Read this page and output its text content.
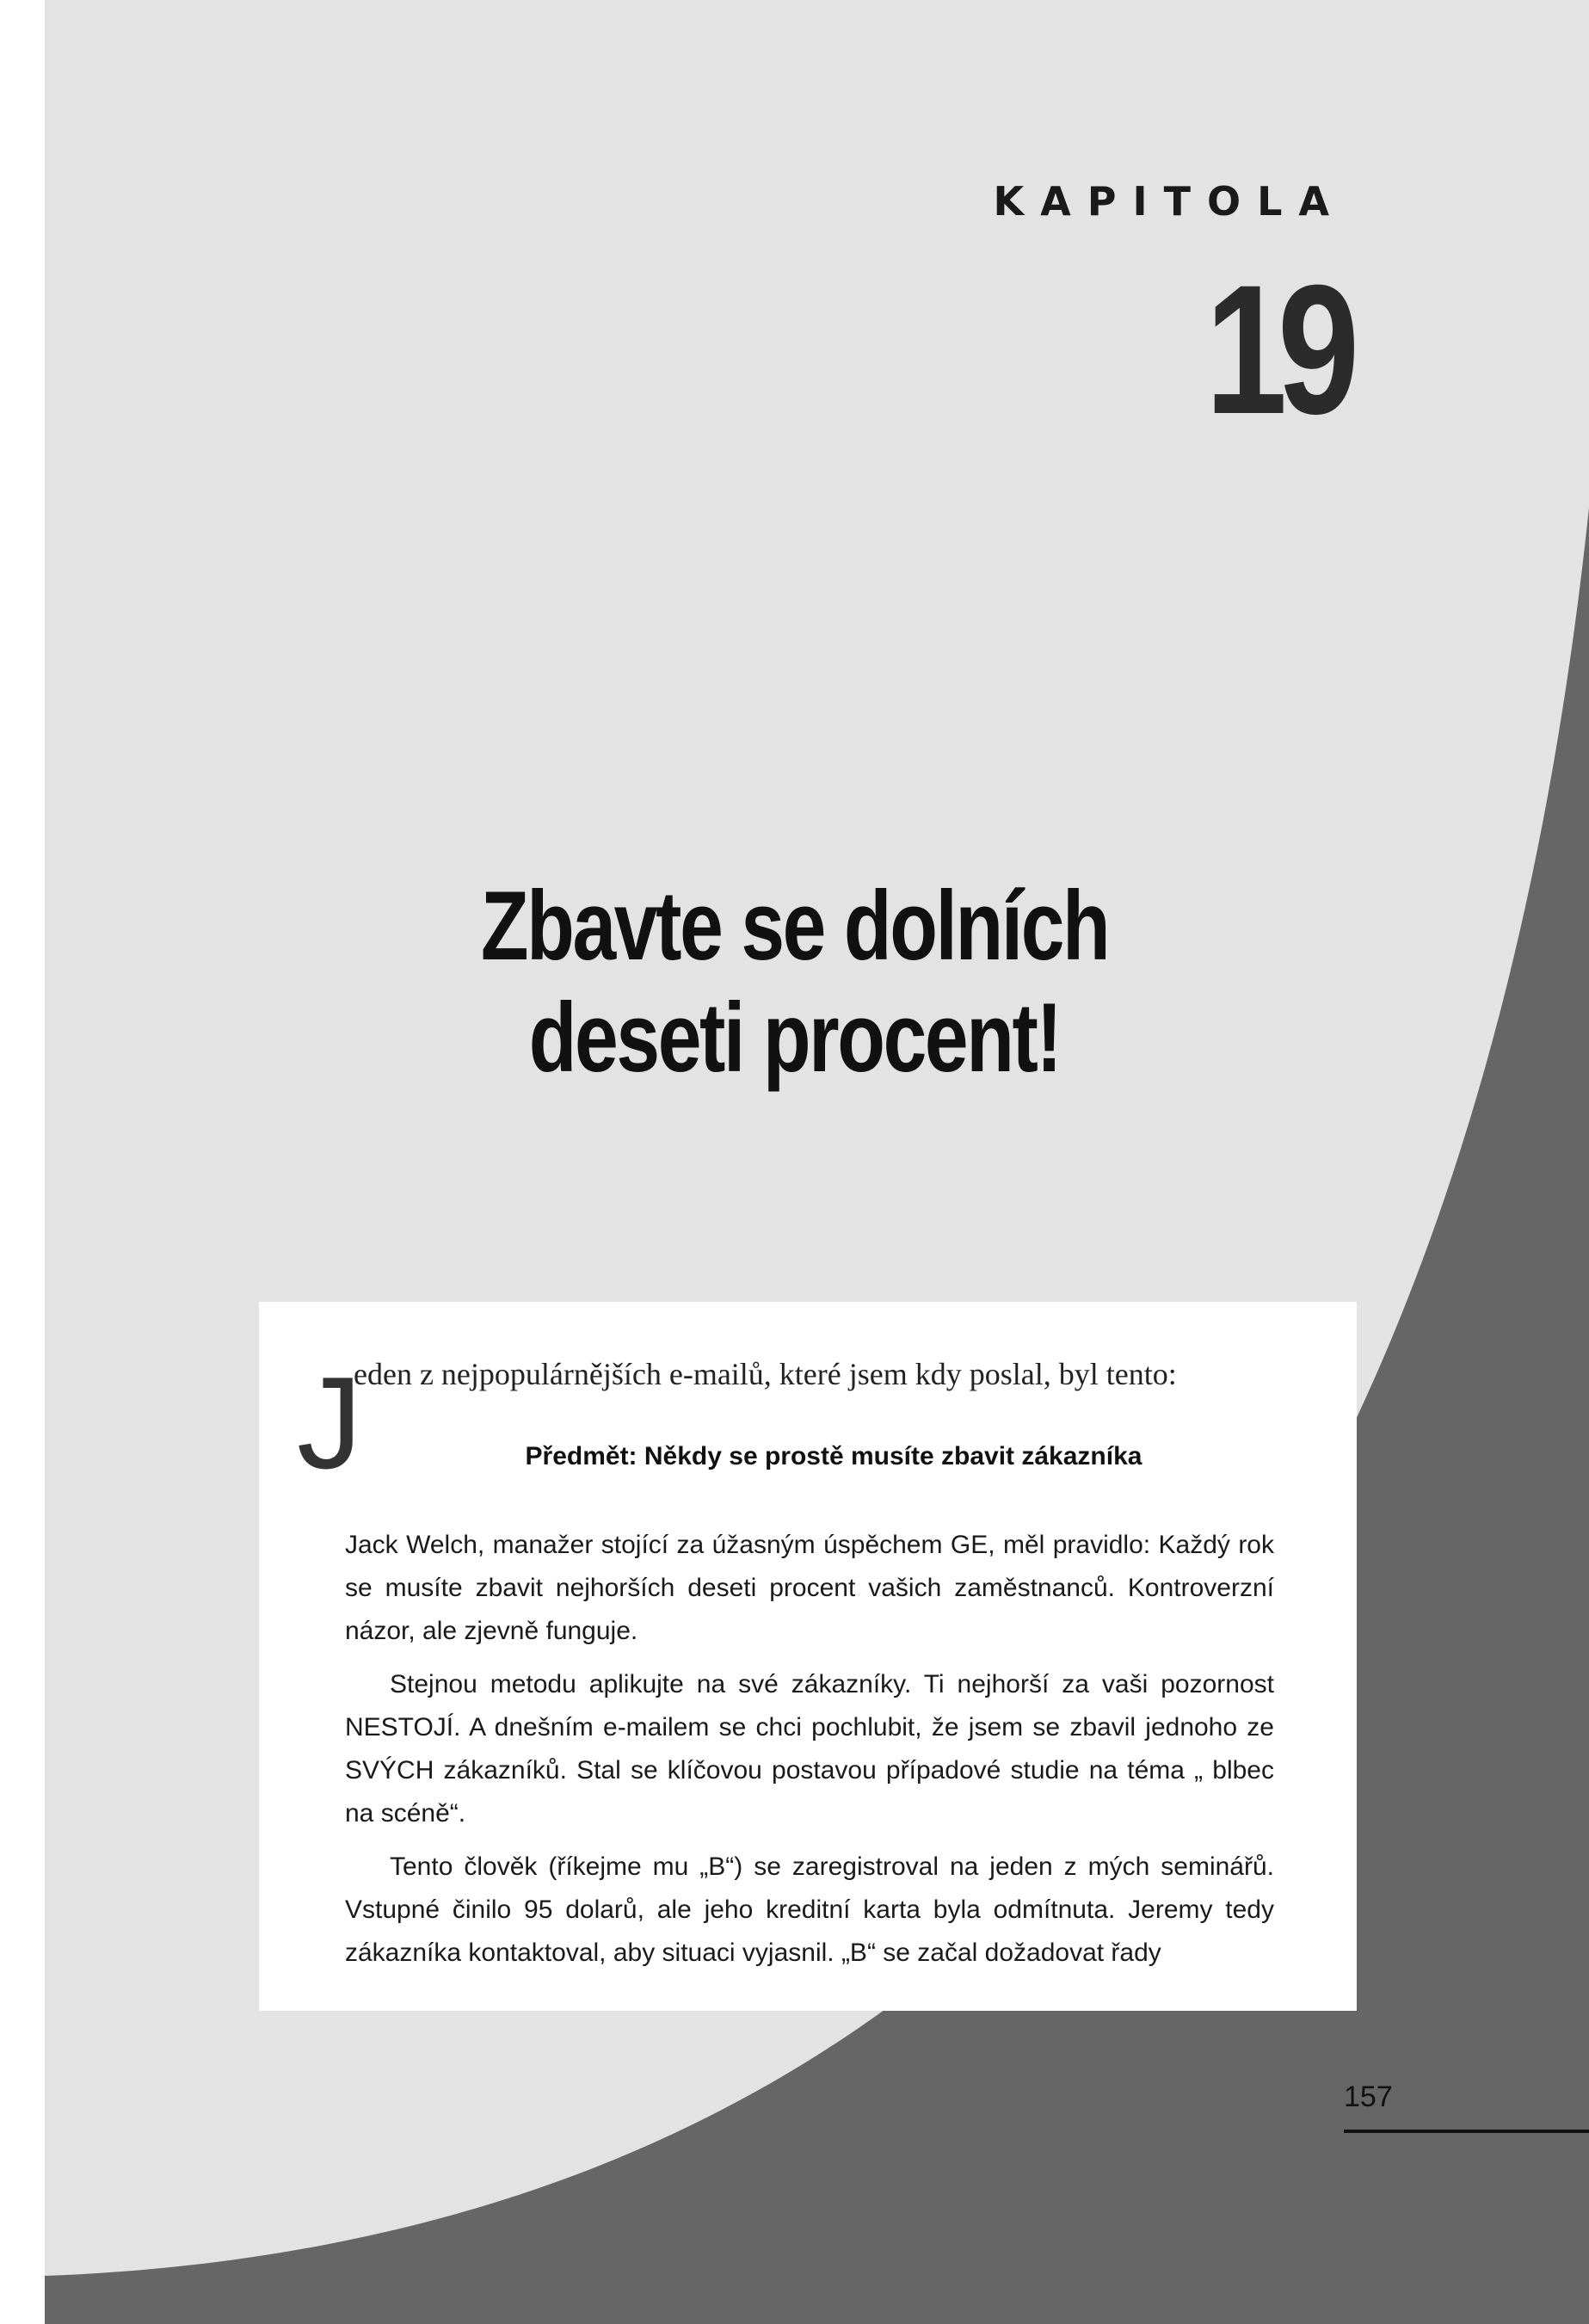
KAPITOLA
19
Zbavte se dolních
deseti procent!
J
eden z nejpopulárnějších e-mailů, které jsem kdy poslal, byl tento:
Předmět: Někdy se prostě musíte zbavit zákazníka

Jack Welch, manažer stojící za úžasným úspěchem GE, měl pravidlo: Každý rok se musíte zbavit nejhorších deseti procent vašich zaměstnanců. Kontroverzní názor, ale zjevně funguje.

Stejnou metodu aplikujte na své zákazníky. Ti nejhorší za vaši pozornost NESTOJÍ. A dnešním e-mailem se chci pochlubit, že jsem se zbavil jednoho ze SVÝCH zákazníků. Stal se klíčovou postavou případové studie na téma „ blbec na scéně“.

Tento člověk (říkejme mu „B“) se zaregistroval na jeden z mých seminářů. Vstupné činilo 95 dolarů, ale jeho kreditní karta byla odmítnuta. Jeremy tedy zákazníka kontaktoval, aby situaci vyjasnil. „B“ se začal dožadovat řady

157
